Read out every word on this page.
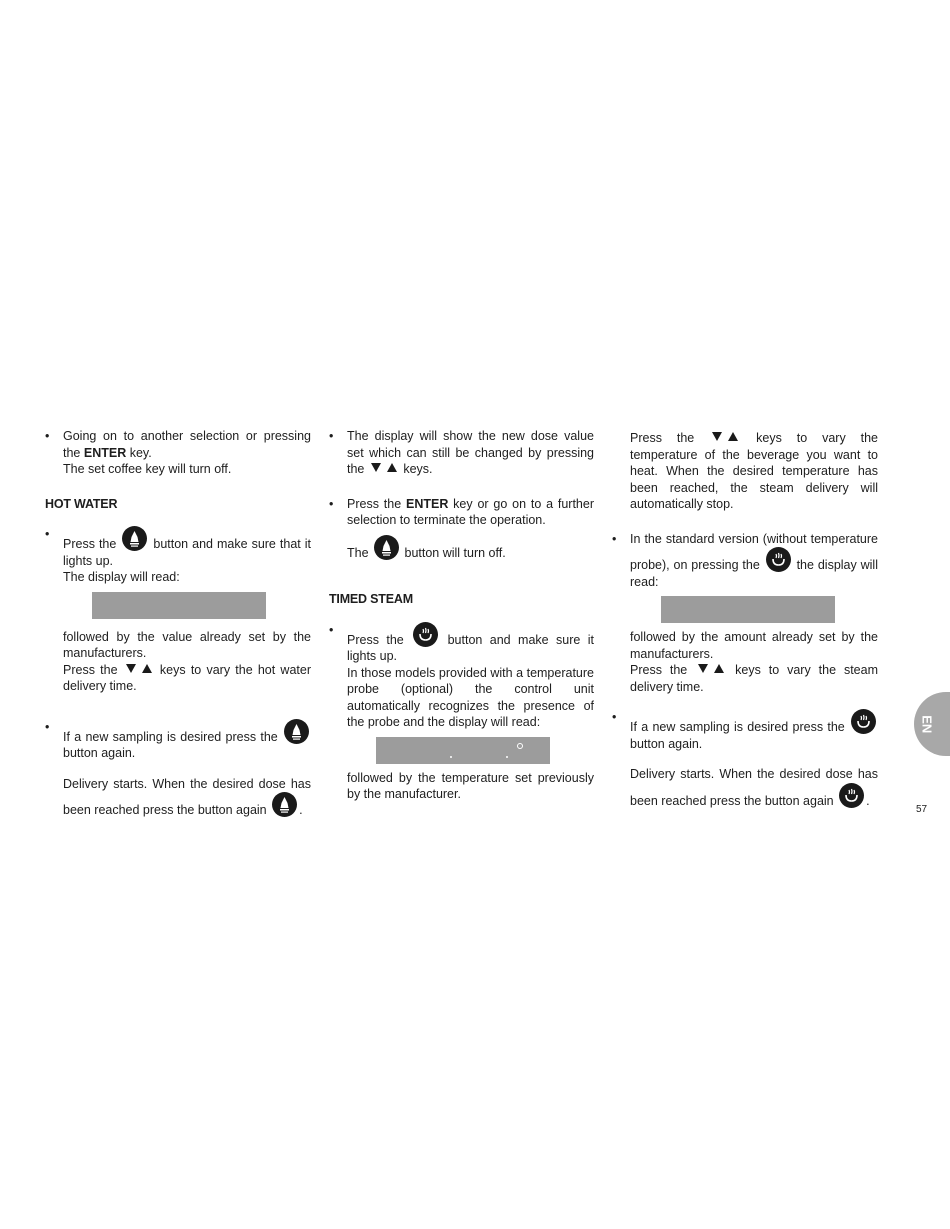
• Going on to another selection or pressing the ENTER key.
The set coffee key will turn off.
HOT WATER
•
Press the
button and make sure that it lights up.
The display will read:
followed by the value already set by the manufacturers.
Press the	keys to vary the hot water delivery time.
•
If a new sampling is desired press the
button again.
Delivery starts. When the desired dose has been reached press the button again
.
• The display will show the new dose value set which can still be changed by pressing the	keys.
• Press the ENTER key or go on to a further selection to terminate the operation.
The
button will turn off.
TIMED STEAM
•
Press the
button and make sure it lights up.
In those models provided with a temperature probe (optional) the control unit automatically recognizes the presence of the probe and the display will read:
followed by the temperature set previously by the manufacturer.
Press the	keys to vary the temperature of the beverage you want to heat. When the desired temperature has been reached, the steam delivery will automatically stop.
• In the standard version (without temperature probe), on pressing the
the display will read:
followed by the amount already set by the manufacturers.
Press the	keys to vary the steam delivery time.
•
If a new sampling is desired press the
button again.
Delivery starts. When the desired dose has been reached press the button again
.
EN
57
